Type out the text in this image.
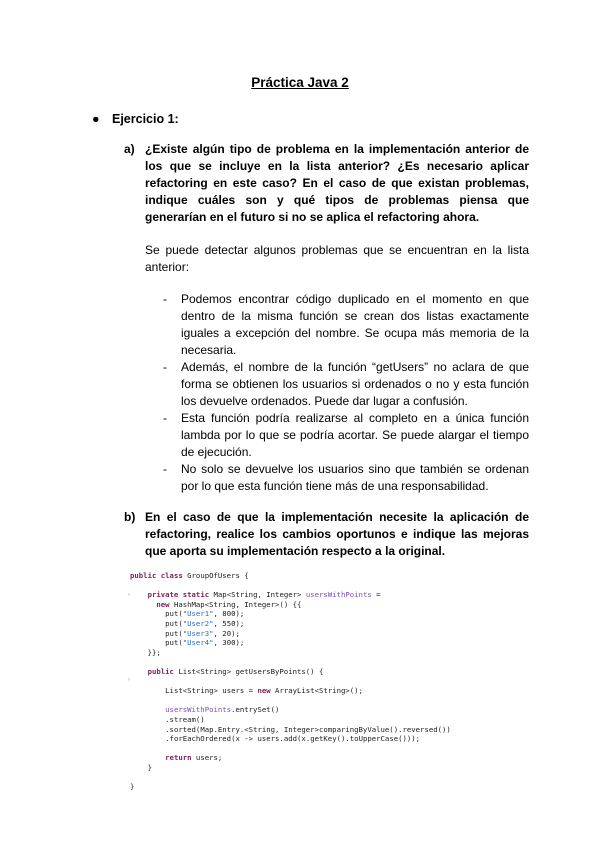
Práctica Java 2
● Ejercicio 1:
a) ¿Existe algún tipo de problema en la implementación anterior de los que se incluye en la lista anterior? ¿Es necesario aplicar refactoring en este caso? En el caso de que existan problemas, indique cuáles son y qué tipos de problemas piensa que generarían en el futuro si no se aplica el refactoring ahora.
Se puede detectar algunos problemas que se encuentran en la lista anterior:
- Podemos encontrar código duplicado en el momento en que dentro de la misma función se crean dos listas exactamente iguales a excepción del nombre. Se ocupa más memoria de la necesaria.
- Además, el nombre de la función “getUsers” no aclara de que forma se obtienen los usuarios si ordenados o no y esta función los devuelve ordenados. Puede dar lugar a confusión.
- Esta función podría realizarse al completo en a única función lambda por lo que se podría acortar. Se puede alargar el tiempo de ejecución.
- No solo se devuelve los usuarios sino que también se ordenan por lo que esta función tiene más de una responsabilidad.
b) En el caso de que la implementación necesite la aplicación de refactoring, realice los cambios oportunos e indique las mejoras que aporta su implementación respecto a la original.
›
›
public class GroupOfUsers {

private static Map<String, Integer> usersWithPoints =
new HashMap<String, Integer>() {{
put("User1", 800);
put("User2", 550);
put("User3", 20);
put("User4", 300);
}};

public List<String> getUsersByPoints() {

List<String> users = new ArrayList<String>();

usersWithPoints.entrySet()
.stream()
.sorted(Map.Entry.<String, Integer>comparingByValue().reversed())
.forEachOrdered(x -> users.add(x.getKey().toUpperCase()));

return users;
}

}
